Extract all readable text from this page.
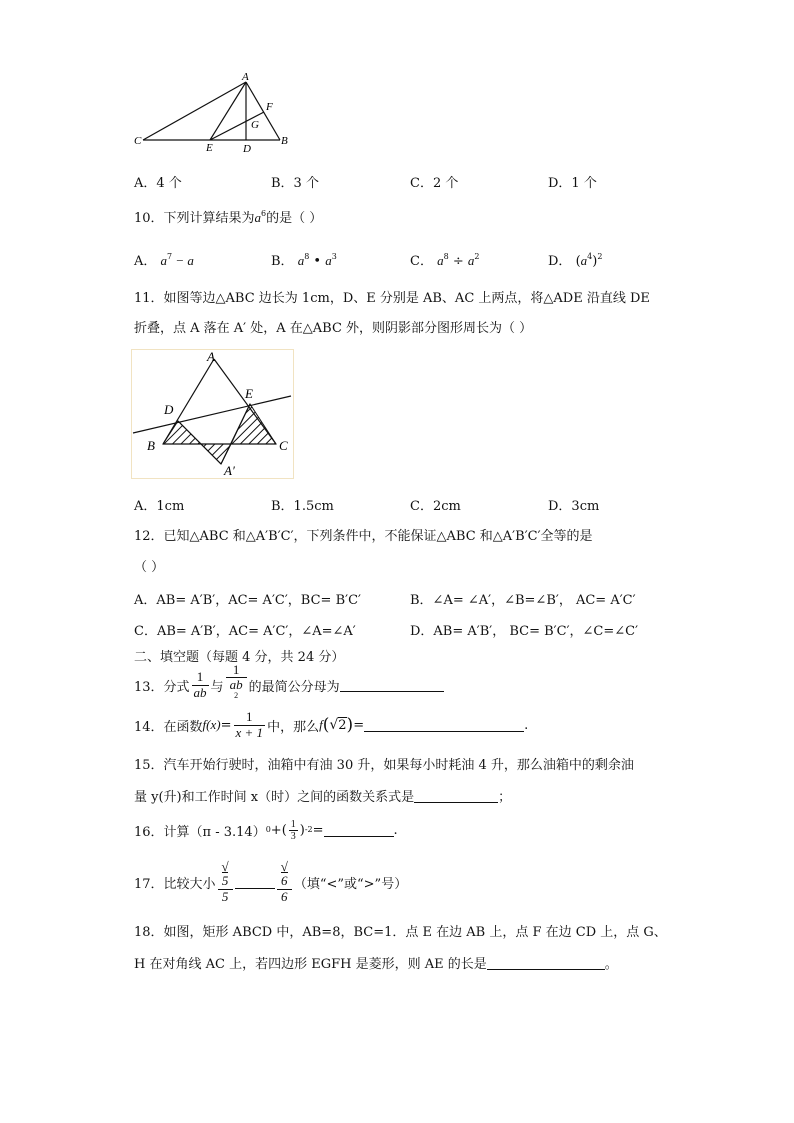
A
F
G
C
E	D
B
A．4 个	B．3 个	C．2 个	D．1 个
10．下列计算结果为$a^6$的是（ ）
A． $a^7 - a$	B． $a^8$ • $a^3$	C． $a^8 \div a^2$	D． $(a^4)^2$
11．如图等边△ABC 边长为 1cm，D、E 分别是 AB、AC 上两点，将△ADE 沿直线 DE
折叠，点 A 落在 A′ 处，A 在△ABC 外，则阴影部分图形周长为（ ）
A
D
E
B	C
A′
A．1cm	B．1.5cm	C．2cm	D．3cm
12．已知△ABC 和△A′B′C′，下列条件中，不能保证△ABC 和△A′B′C′全等的是
（ ）
A．AB= A′B′，AC= A′C′，BC= B′C′	B．∠A= ∠A′，∠B=∠B′， AC= A′C′
C．AB= A′B′，AC= A′C′，∠A=∠A′	D．AB= A′B′， BC= B′C′，∠C=∠C′
二、填空题（每题 4 分，共 24 分）
13．分式 $\frac{1}{ab}$ 与 1
ab
$^2$ 的最简公分母为
14．在函数 f $(x) = \frac{1}{x + 1}$ 中，那么 f ( √ 2 ) =	.
15．汽车开始行驶时，油箱中有油 30 升，如果每小时耗油 4 升，那么油箱中的剩余油
量 y(升)和工作时间 x（时）之间的函数关系式是	；
16．计算（π - 3.14） 0 +( $\frac{1}{3}$ ) -2 =	.
17．比较大小 √
5
5	√
6
6 （填“<”或“>”号）
18．如图，矩形 ABCD 中，AB=8，BC=1．点 E 在边 AB 上，点 F 在边 CD 上，点 G、
H 在对角线 AC 上，若四边形 EGFH 是菱形，则 AE 的长是	。
